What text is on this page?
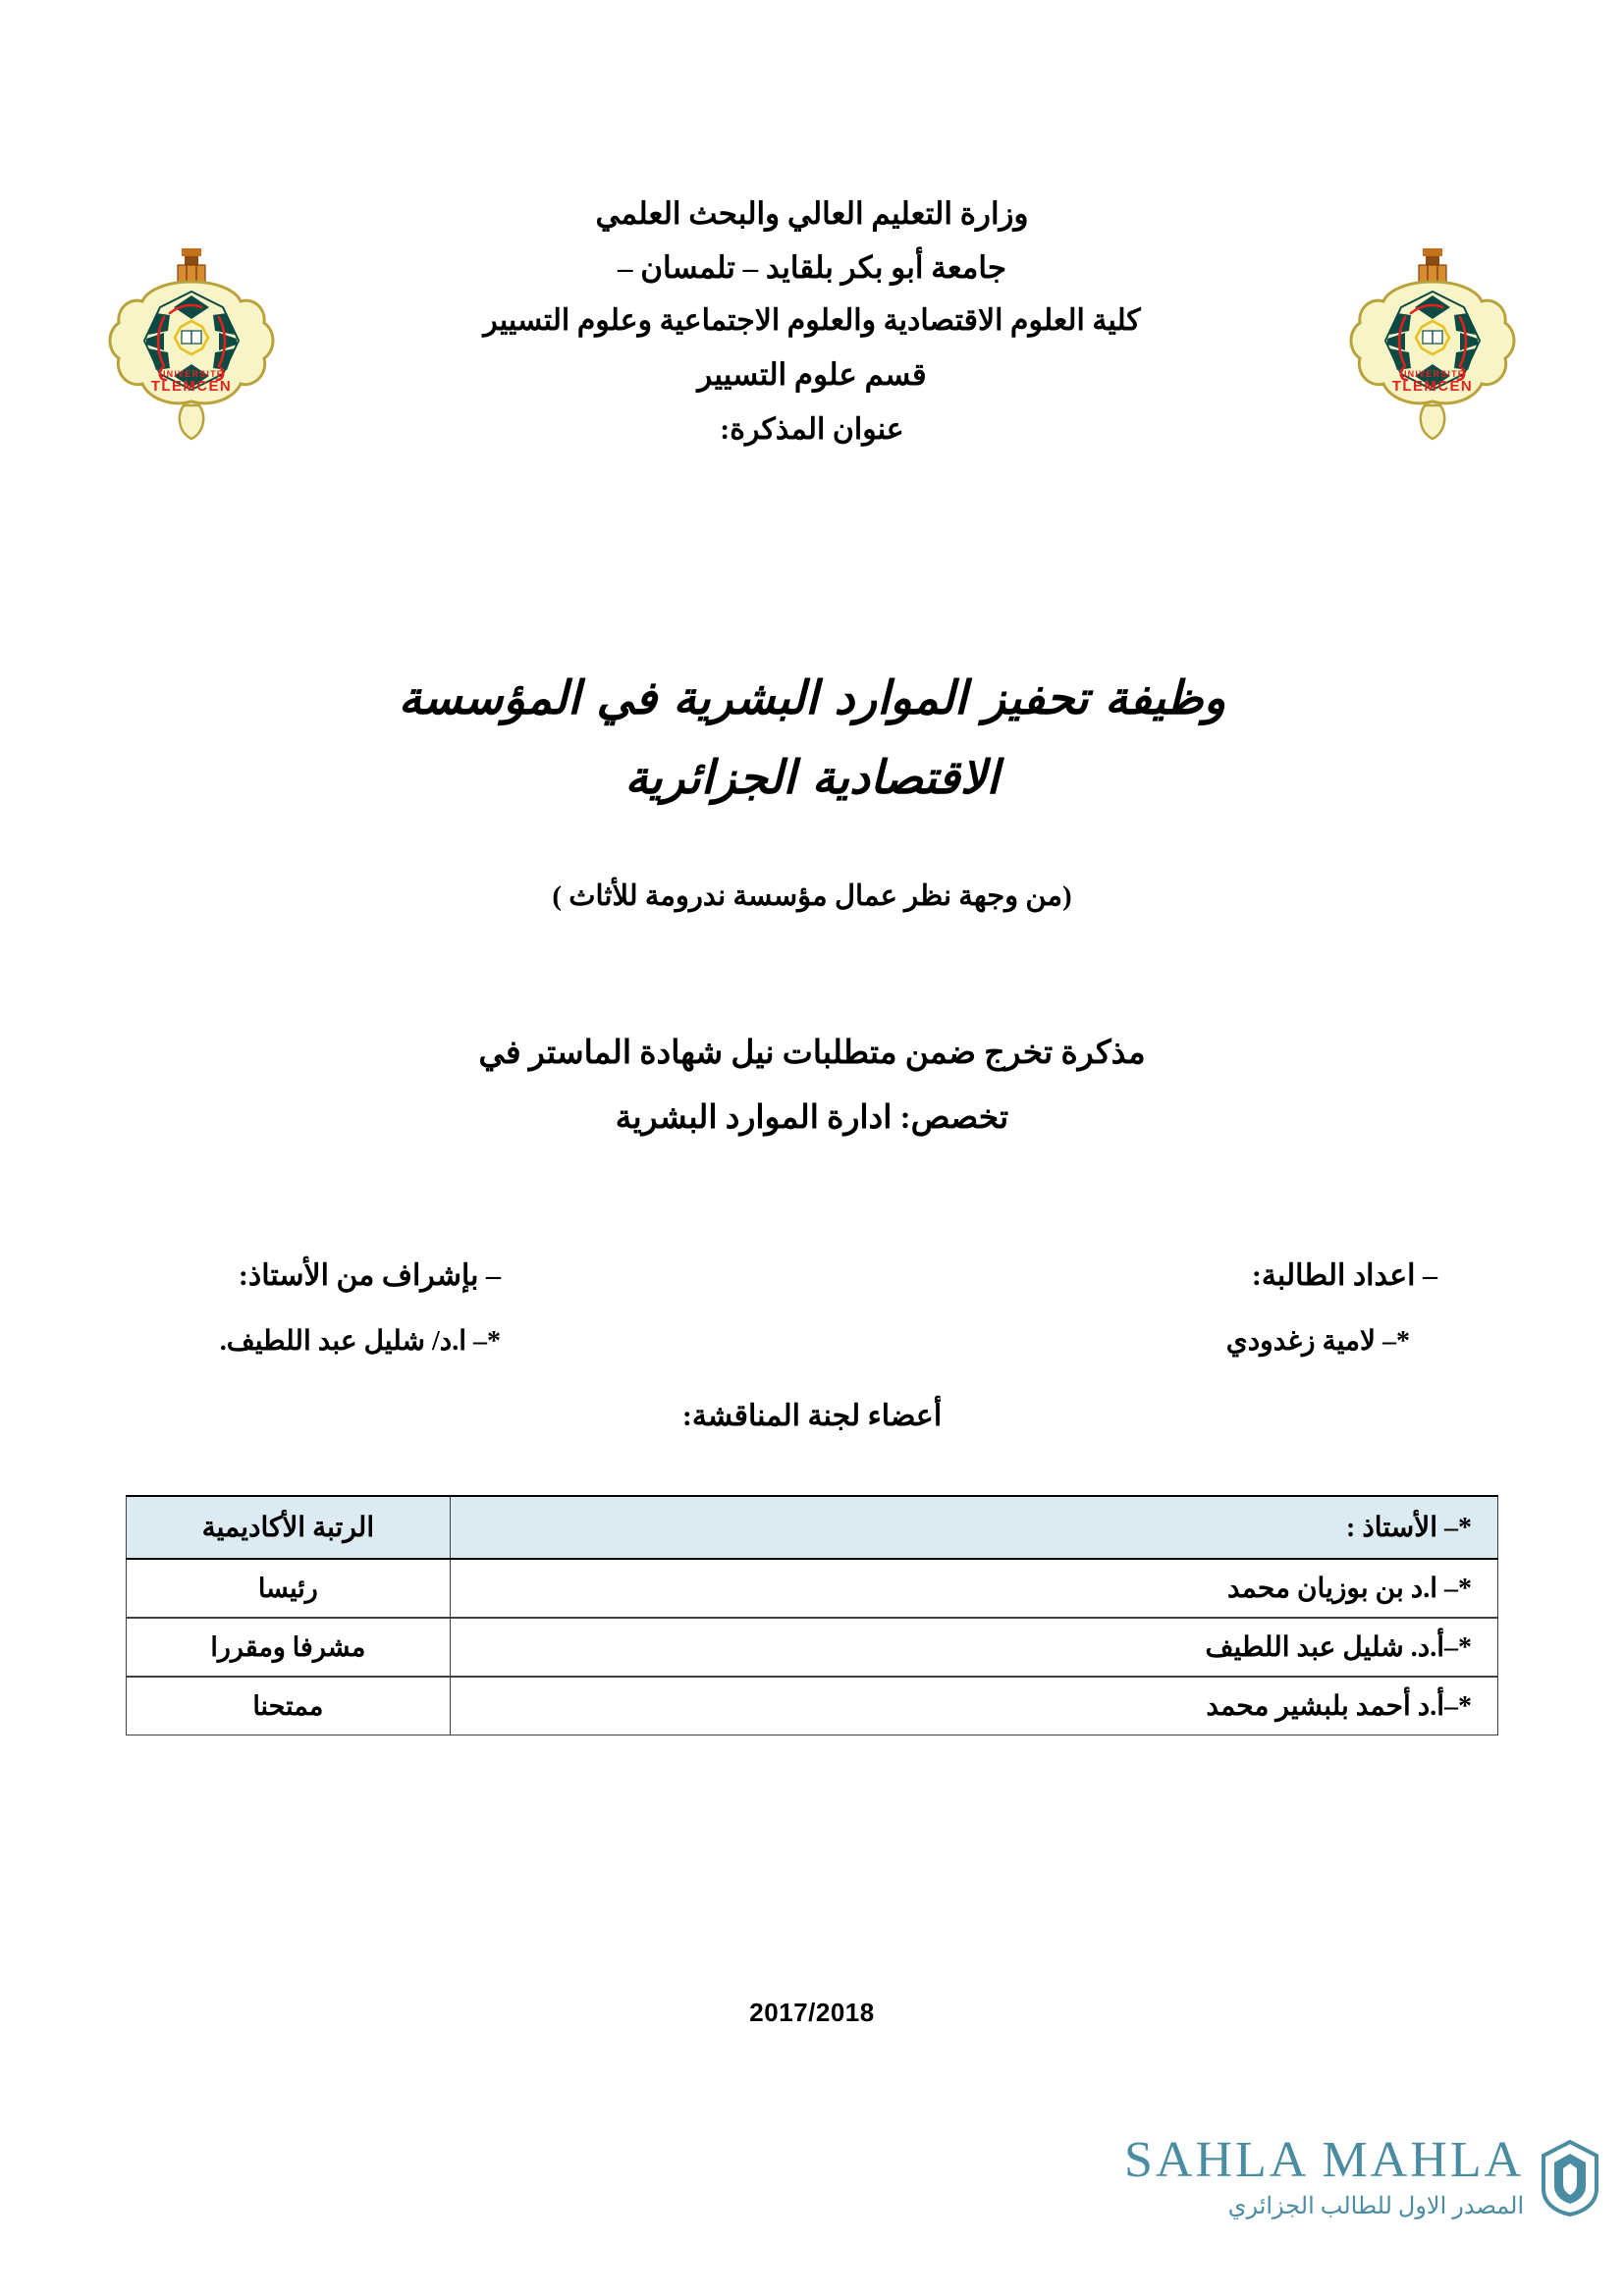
UNIVERSITE
TLEMCEN
UNIVERSITE
TLEMCEN
وزارة التعليم العالي والبحث العلمي
جامعة أبو بكر بلقايد – تلمسان –
كلية العلوم الاقتصادية والعلوم الاجتماعية وعلوم التسيير
قسم علوم التسيير
عنوان المذكرة:
وظيفة تحفيز الموارد البشرية في المؤسسة
الاقتصادية الجزائرية
(من وجهة نظر عمال مؤسسة ندرومة للأثاث )
مذكرة تخرج ضمن متطلبات نيل شهادة الماستر في
تخصص: ادارة الموارد البشرية
– اعداد الطالبة:
*– لامية زغدودي
– بإشراف من الأستاذ:
*– ا.د/ شليل عبد اللطيف.
أعضاء لجنة المناقشة:
*– الأستاذ :	الرتبة الأكاديمية
*– ا.د بن بوزيان محمد	رئيسا
*–أ.د. شليل عبد اللطيف	مشرفا ومقررا
*–أ.د أحمد بلبشير محمد	ممتحنا
2017/2018
SAHLA MAHLA
المصدر الاول للطالب الجزائري
